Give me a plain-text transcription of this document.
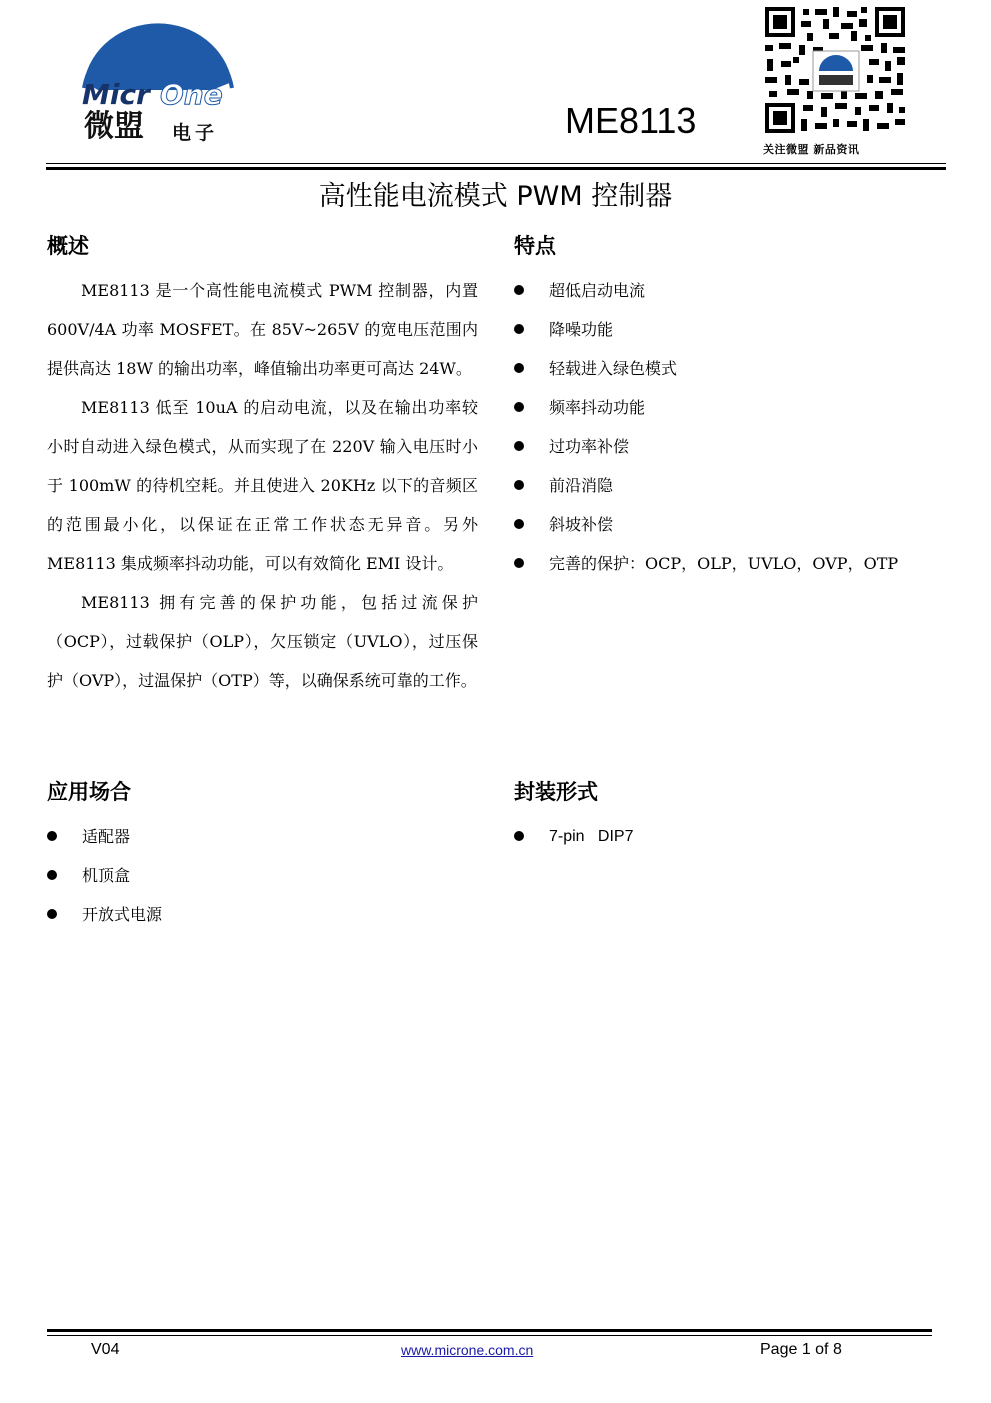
Micr One
微盟 电子	ME8113
关注微盟 新品资讯
高性能电流模式 PWM 控制器
概述
ME8113 是一个高性能电流模式 PWM 控制器，内置600V/4A 功率 MOSFET。在 85V~265V 的宽电压范围内提供高达 18W 的输出功率，峰值输出功率更可高达 24W。
ME8113 低至 10uA 的启动电流，以及在输出功率较小时自动进入绿色模式，从而实现了在 220V 输入电压时小于 100mW 的待机空耗。并且使进入 20KHz 以下的音频区的范围最小化，以保证在正常工作状态无异音。另外ME8113 集成频率抖动功能，可以有效简化 EMI 设计。
ME8113 拥有完善的保护功能，包括过流保护（OCP），过载保护（OLP），欠压锁定（UVLO），过压保护（OVP），过温保护（OTP）等，以确保系统可靠的工作。
特点
超低启动电流
降噪功能
轻载进入绿色模式
频率抖动功能
过功率补偿
前沿消隐
斜坡补偿
完善的保护：OCP，OLP，UVLO，OVP，OTP
应用场合
适配器
机顶盒
开放式电源
封装形式
7-pin   DIP7
V04	www.microne.com.cn	Page 1 of 8
